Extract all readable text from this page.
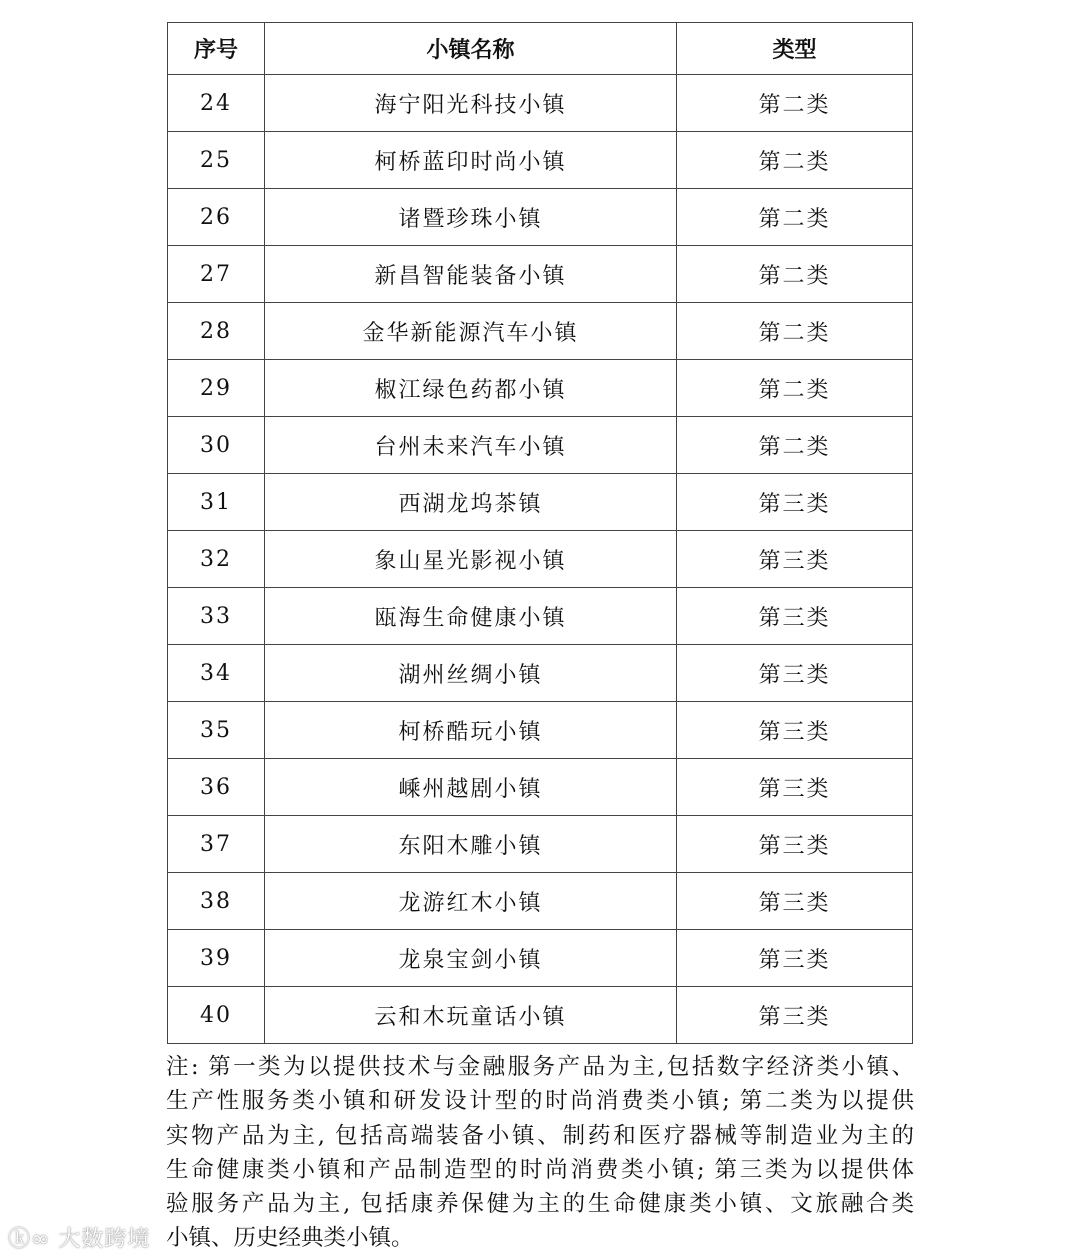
序号	小镇名称	类型
24	海宁阳光科技小镇	第二类
25	柯桥蓝印时尚小镇	第二类
26	诸暨珍珠小镇	第二类
27	新昌智能装备小镇	第二类
28	金华新能源汽车小镇	第二类
29	椒江绿色药都小镇	第二类
30	台州未来汽车小镇	第二类
31	西湖龙坞茶镇	第三类
32	象山星光影视小镇	第三类
33	瓯海生命健康小镇	第三类
34	湖州丝绸小镇	第三类
35	柯桥酷玩小镇	第三类
36	嵊州越剧小镇	第三类
37	东阳木雕小镇	第三类
38	龙游红木小镇	第三类
39	龙泉宝剑小镇	第三类
40	云和木玩童话小镇	第三类
注: 第一类为以提供技术与金融服务产品为主,包括数字经济类小镇、
生产性服务类小镇和研发设计型的时尚消费类小镇; 第二类为以提供
实物产品为主, 包括高端装备小镇、制药和医疗器械等制造业为主的
生命健康类小镇和产品制造型的时尚消费类小镇; 第三类为以提供体
验服务产品为主, 包括康养保健为主的生命健康类小镇、文旅融合类
小镇、历史经典类小镇。
ⓚ∞ 大数跨境
